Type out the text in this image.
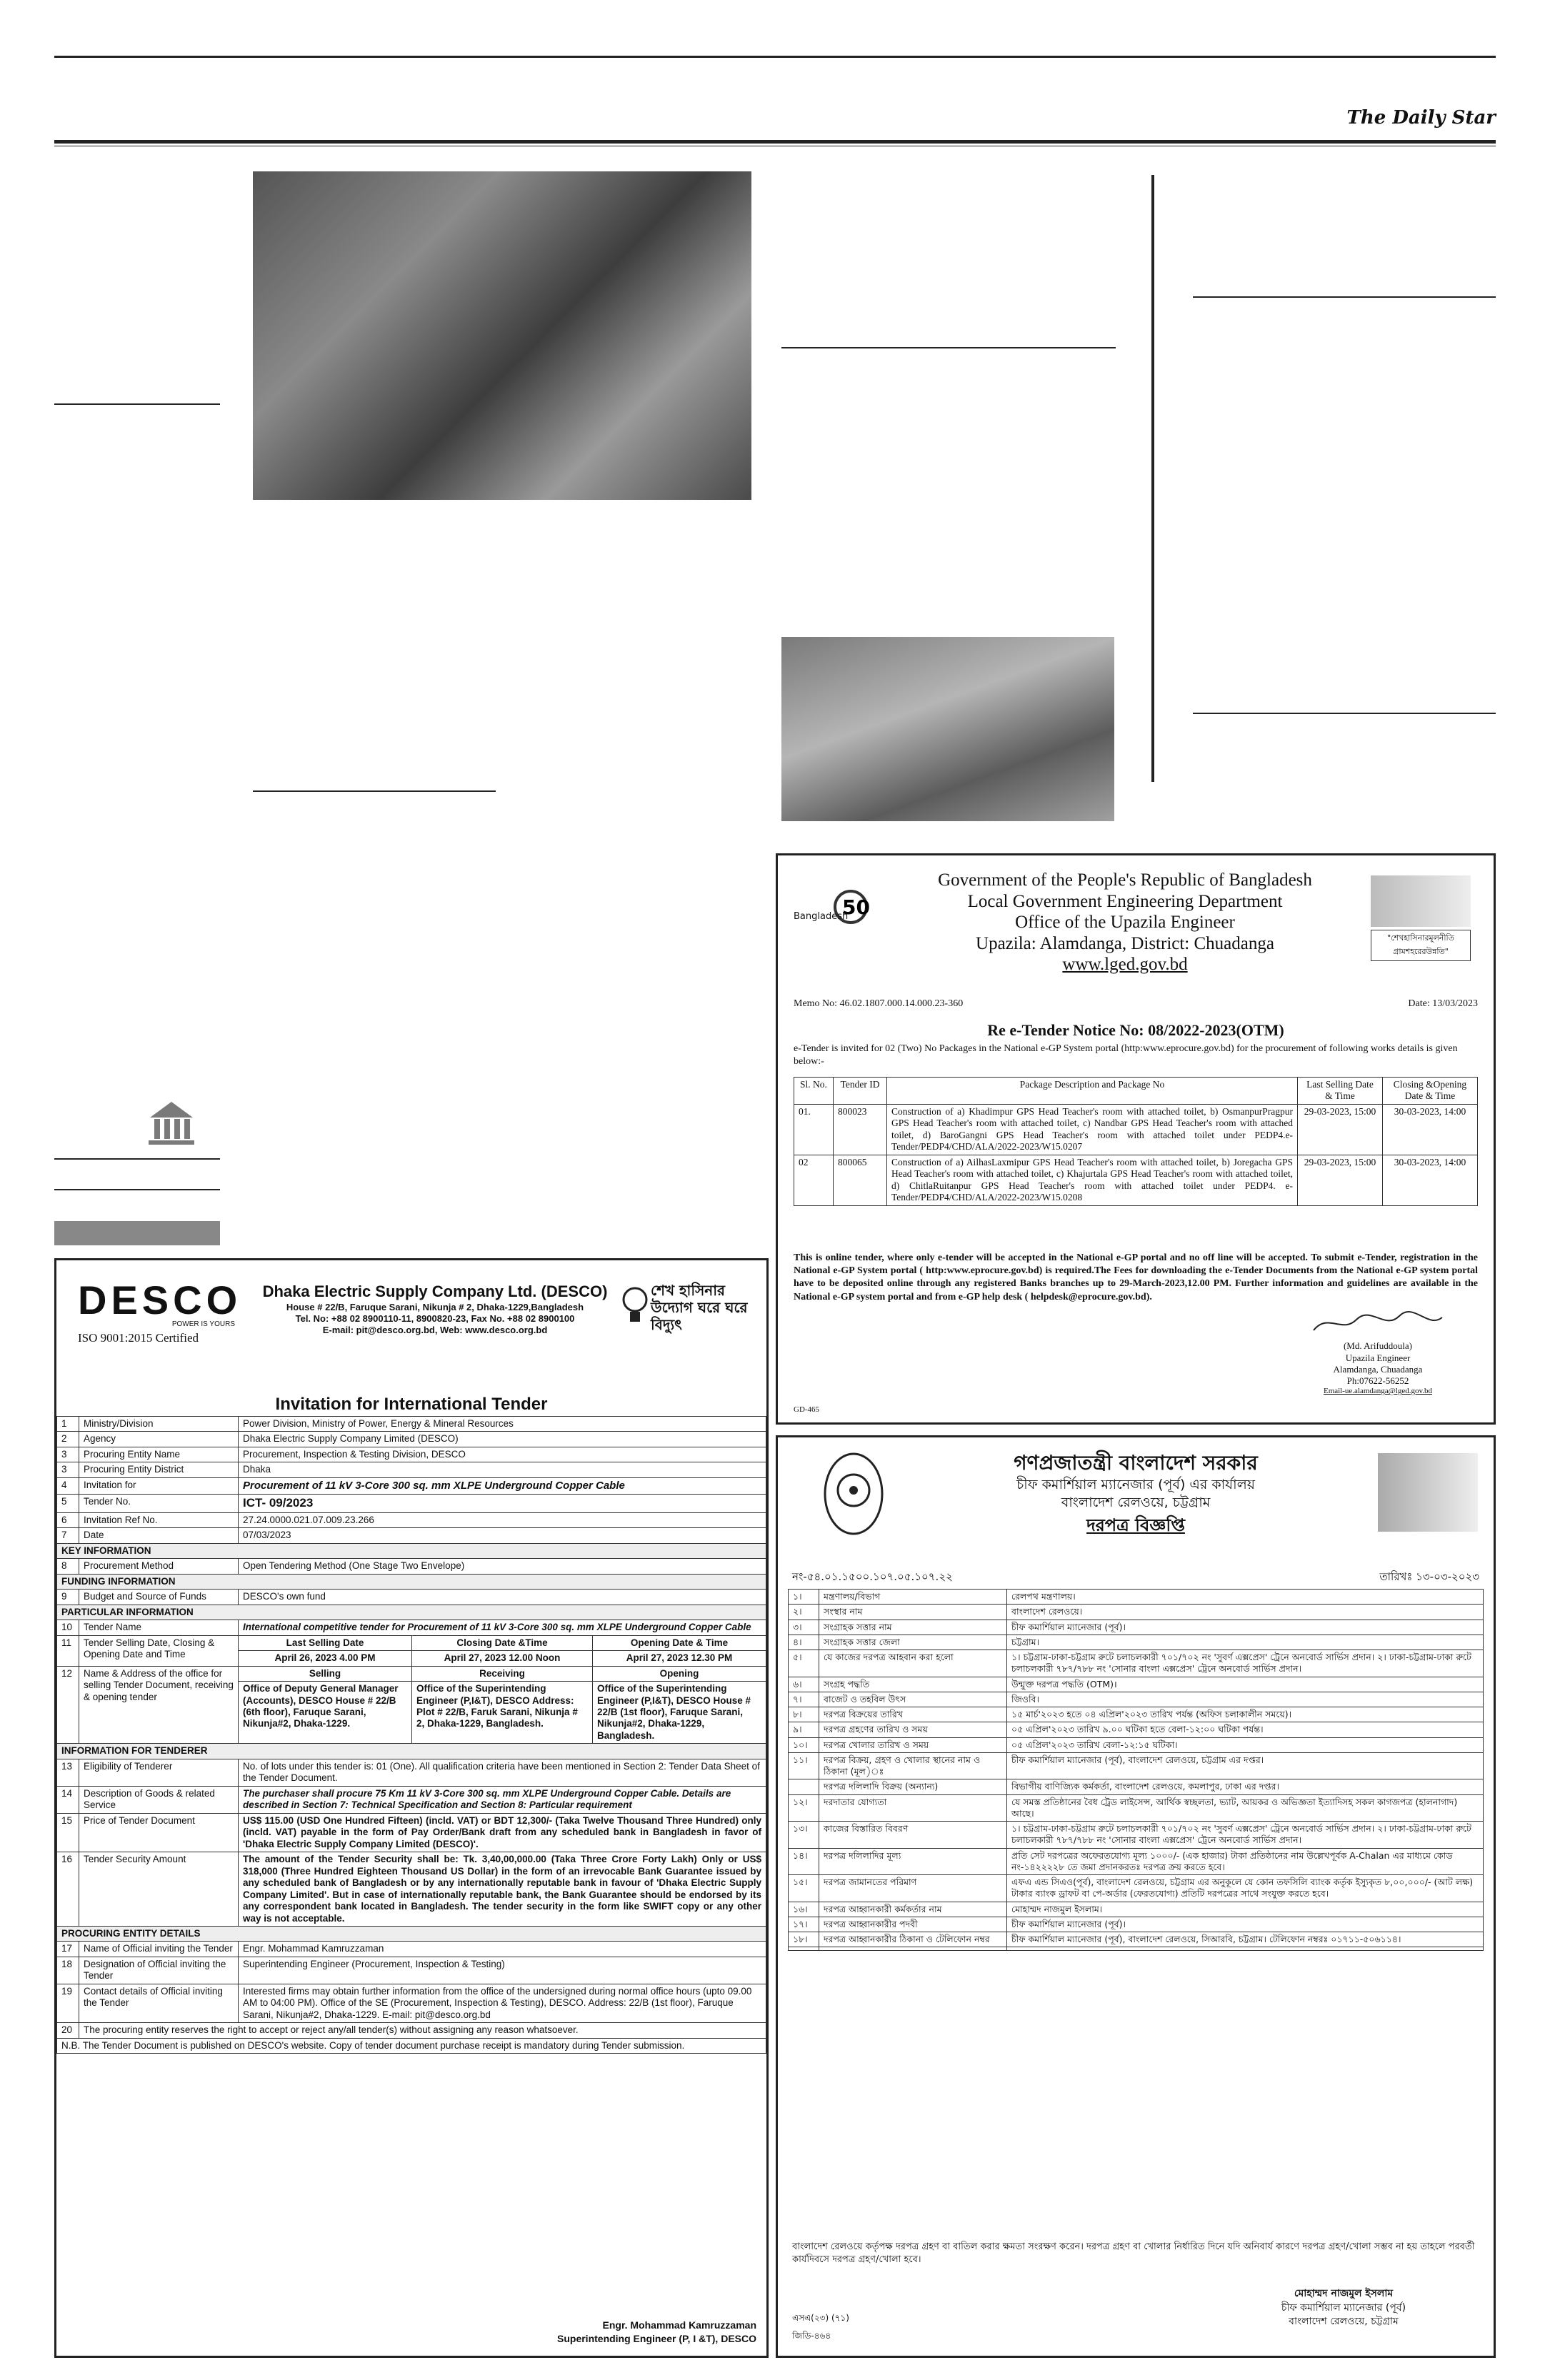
The Daily Star
50
Bangladesh
Government of the People's Republic of Bangladesh
Local Government Engineering Department
Office of the Upazila Engineer
Upazila: Alamdanga, District: Chuadanga
www.lged.gov.bd
"শেখহাসিনারমূলনীতি গ্রামশহরেরউন্নতি"
Memo No: 46.02.1807.000.14.000.23-360	Date: 13/03/2023
Re e-Tender Notice No: 08/2022-2023(OTM)
e-Tender is invited for 02 (Two) No Packages in the National e-GP System portal (http:www.eprocure.gov.bd) for the procurement of following works details is given below:-
Sl. No.	Tender ID	Package Description and Package No	Last Selling Date & Time	Closing &Opening Date & Time
01.	800023	Construction of a) Khadimpur GPS Head Teacher's room with attached toilet, b) OsmanpurPragpur GPS Head Teacher's room with attached toilet, c) Nandbar GPS Head Teacher's room with attached toilet, d) BaroGangni GPS Head Teacher's room with attached toilet under PEDP4.e-Tender/PEDP4/CHD/ALA/2022-2023/W15.0207	29-03-2023, 15:00	30-03-2023, 14:00
02	800065	Construction of a) AilhasLaxmipur GPS Head Teacher's room with attached toilet, b) Joregacha GPS Head Teacher's room with attached toilet, c) Khajurtala GPS Head Teacher's room with attached toilet, d) ChitlaRuitanpur GPS Head Teacher's room with attached toilet under PEDP4. e-Tender/PEDP4/CHD/ALA/2022-2023/W15.0208	29-03-2023, 15:00	30-03-2023, 14:00
This is online tender, where only e-tender will be accepted in the National e-GP portal and no off line will be accepted. To submit e-Tender, registration in the National e-GP System portal ( http:www.eprocure.gov.bd) is required.The Fees for downloading the e-Tender Documents from the National e-GP system portal have to be deposited online through any registered Banks branches up to 29-March-2023,12.00 PM. Further information and guidelines are available in the National e-GP system portal and from e-GP help desk ( helpdesk@eprocure.gov.bd).
(Md. Arifuddoula)
Upazila Engineer
Alamdanga, Chuadanga
Ph:07622-56252
Email-ue.alamdanga@lged.gov.bd
GD-465
DESCO
POWER IS YOURS
ISO 9001:2015 Certified
Dhaka Electric Supply Company Ltd. (DESCO)
House # 22/B, Faruque Sarani, Nikunja # 2, Dhaka-1229,Bangladesh
Tel. No: +88 02 8900110-11, 8900820-23, Fax No. +88 02 8900100
E-mail: pit@desco.org.bd, Web: www.desco.org.bd
শেখ হাসিনার উদ্যোগ ঘরে ঘরে বিদ্যুৎ
Invitation for International Tender
1	Ministry/Division	Power Division, Ministry of Power, Energy & Mineral Resources		
2	Agency	Dhaka Electric Supply Company Limited (DESCO)		
3	Procuring Entity Name	Procurement, Inspection & Testing Division, DESCO		
3	Procuring Entity District	Dhaka		
4	Invitation for	Procurement of 11 kV 3-Core 300 sq. mm XLPE Underground Copper Cable		
5	Tender No.	ICT- 09/2023		
6	Invitation Ref No.	27.24.0000.021.07.009.23.266		
7	Date	07/03/2023		
KEY INFORMATION				
8	Procurement Method	Open Tendering Method (One Stage Two Envelope)		
FUNDING INFORMATION				
9	Budget and Source of Funds	DESCO's own fund		
PARTICULAR INFORMATION				
10	Tender Name	International competitive tender for Procurement of 11 kV 3-Core 300 sq. mm XLPE Underground Copper Cable		
11	Tender Selling Date, Closing & Opening Date and Time	Last Selling Date	Closing Date &Time	Opening Date & Time
		April 26, 2023 4.00 PM	April 27, 2023 12.00 Noon	April 27, 2023 12.30 PM
12	Name & Address of the office for selling Tender Document, receiving & opening tender	Selling	Receiving	Opening
		Office of Deputy General Manager (Accounts), DESCO House # 22/B (6th floor), Faruque Sarani, Nikunja#2, Dhaka-1229.	Office of the Superintending Engineer (P,I&T), DESCO Address: Plot # 22/B, Faruk Sarani, Nikunja # 2, Dhaka-1229, Bangladesh.	Office of the Superintending Engineer (P,I&T), DESCO House # 22/B (1st floor), Faruque Sarani, Nikunja#2, Dhaka-1229, Bangladesh.
INFORMATION FOR TENDERER				
13	Eligibility of Tenderer	No. of lots under this tender is: 01 (One). All qualification criteria have been mentioned in Section 2: Tender Data Sheet of the Tender Document.		
14	Description of Goods & related Service	The purchaser shall procure 75 Km 11 kV 3-Core 300 sq. mm XLPE Underground Copper Cable. Details are described in Section 7: Technical Specification and Section 8: Particular requirement		
15	Price of Tender Document	US$ 115.00 (USD One Hundred Fifteen) (incld. VAT) or BDT 12,300/- (Taka Twelve Thousand Three Hundred) only (incld. VAT) payable in the form of Pay Order/Bank draft from any scheduled bank in Bangladesh in favor of 'Dhaka Electric Supply Company Limited (DESCO)'.		
16	Tender Security Amount	The amount of the Tender Security shall be: Tk. 3,40,00,000.00 (Taka Three Crore Forty Lakh) Only or US$ 318,000 (Three Hundred Eighteen Thousand US Dollar) in the form of an irrevocable Bank Guarantee issued by any scheduled bank of Bangladesh or by any internationally reputable bank in favour of 'Dhaka Electric Supply Company Limited'. But in case of internationally reputable bank, the Bank Guarantee should be endorsed by its any correspondent bank located in Bangladesh. The tender security in the form like SWIFT copy or any other way is not acceptable.		
PROCURING ENTITY DETAILS				
17	Name of Official inviting the Tender	Engr. Mohammad Kamruzzaman		
18	Designation of Official inviting the Tender	Superintending Engineer (Procurement, Inspection & Testing)		
19	Contact details of Official inviting the Tender	Interested firms may obtain further information from the office of the undersigned during normal office hours (upto 09.00 AM to 04:00 PM). Office of the SE (Procurement, Inspection & Testing), DESCO. Address: 22/B (1st floor), Faruque Sarani, Nikunja#2, Dhaka-1229. E-mail: pit@desco.org.bd		
20	The procuring entity reserves the right to accept or reject any/all tender(s) without assigning any reason whatsoever.			
N.B. The Tender Document is published on DESCO's website. Copy of tender document purchase receipt is mandatory during Tender submission.				
Engr. Mohammad Kamruzzaman
Superintending Engineer (P, I &T), DESCO
গণপ্রজাতন্ত্রী বাংলাদেশ সরকার
চীফ কমার্শিয়াল ম্যানেজার (পূর্ব) এর কার্যালয়
বাংলাদেশ রেলওয়ে, চট্টগ্রাম
দরপত্র বিজ্ঞপ্তি
নং-৫৪.০১.১৫০০.১০৭.০৫.১০৭.২২	তারিখঃ ১৩-০৩-২০২৩
১।	মন্ত্রণালয়/বিভাগ	রেলপথ মন্ত্রণালয়।
২।	সংস্থার নাম	বাংলাদেশ রেলওয়ে।
৩।	সংগ্রাহক সত্তার নাম	চীফ কমার্শিয়াল ম্যানেজার (পূর্ব)।
৪।	সংগ্রাহক সত্তার জেলা	চট্টগ্রাম।
৫।	যে কাজের দরপত্র আহবান করা হলো	১। চট্টগ্রাম-ঢাকা-চট্টগ্রাম রুটে চলাচলকারী ৭০১/৭০২ নং 'সুবর্ণ এক্সপ্রেস' ট্রেনে অনবোর্ড সার্ভিস প্রদান। ২। ঢাকা-চট্টগ্রাম-ঢাকা রুটে চলাচলকারী ৭৮৭/৭৮৮ নং 'সোনার বাংলা এক্সপ্রেস' ট্রেনে অনবোর্ড সার্ভিস প্রদান।
৬।	সংগ্রহ পদ্ধতি	উন্মুক্ত দরপত্র পদ্ধতি (OTM)।
৭।	বাজেট ও তহবিল উৎস	জিওবি।
৮।	দরপত্র বিক্রয়ের তারিখ	১৫ মার্চ'২০২৩ হতে ০৪ এপ্রিল'২০২৩ তারিখ পর্যন্ত (অফিস চলাকালীন সময়ে)।
৯।	দরপত্র গ্রহণের তারিখ ও সময়	০৫ এপ্রিল'২০২৩ তারিখ ৯.০০ ঘটিকা হতে বেলা-১২:০০ ঘটিকা পর্যন্ত।
১০।	দরপত্র খোলার তারিখ ও সময়	০৫ এপ্রিল'২০২৩ তারিখ বেলা-১২:১৫ ঘটিকা।
১১।	দরপত্র বিক্রয়, গ্রহণ ও খোলার স্থানের নাম ও ঠিকানা (মূল)ঃ	চীফ কমার্শিয়াল ম্যানেজার (পূর্ব), বাংলাদেশ রেলওয়ে, চট্টগ্রাম এর দপ্তর।
	দরপত্র দলিলাদি বিক্রয় (অন্যান্য)	বিভাগীয় বাণিজ্যিক কর্মকর্তা, বাংলাদেশ রেলওয়ে, কমলাপুর, ঢাকা এর দপ্তর।
১২।	দরদাতার যোগ্যতা	যে সমস্ত প্রতিষ্ঠানের বৈধ ট্রেড লাইসেন্স, আর্থিক স্বচ্ছলতা, ভ্যাট, আয়কর ও অভিজ্ঞতা ইত্যাদিসহ সকল কাগজপত্র (হালনাগাদ) আছে।
১৩।	কাজের বিস্তারিত বিবরণ	১। চট্টগ্রাম-ঢাকা-চট্টগ্রাম রুটে চলাচলকারী ৭০১/৭০২ নং 'সুবর্ণ এক্সপ্রেস' ট্রেনে অনবোর্ড সার্ভিস প্রদান। ২। ঢাকা-চট্টগ্রাম-ঢাকা রুটে চলাচলকারী ৭৮৭/৭৮৮ নং 'সোনার বাংলা এক্সপ্রেস' ট্রেনে অনবোর্ড সার্ভিস প্রদান।
১৪।	দরপত্র দলিলাদির মূল্য	প্রতি সেট দরপত্রের অফেরতযোগ্য মূল্য ১০০০/- (এক হাজার) টাকা প্রতিষ্ঠানের নাম উল্লেখপূর্বক A-Chalan এর মাধ্যমে কোড নং-১৪২২২২৮ তে জমা প্রদানকরতঃ দরপত্র ক্রয় করতে হবে।
১৫।	দরপত্র জামানতের পরিমাণ	এফএ এন্ড সিএও(পূর্ব), বাংলাদেশ রেলওয়ে, চট্টগ্রাম এর অনুকূলে যে কোন তফসিলি ব্যাংক কর্তৃক ইস্যুকৃত ৮,০০,০০০/- (আট লক্ষ) টাকার ব্যাংক ড্রাফট বা পে-অর্ডার (ফেরতযোগ্য) প্রতিটি দরপত্রের সাথে সংযুক্ত করতে হবে।
১৬।	দরপত্র আহ্বানকারী কর্মকর্তার নাম	মোহাম্মদ নাজমুল ইসলাম।
১৭।	দরপত্র আহ্বানকারীর পদবী	চীফ কমার্শিয়াল ম্যানেজার (পূর্ব)।
১৮।	দরপত্র আহ্বানকারীর ঠিকানা ও টেলিফোন নম্বর	চীফ কমার্শিয়াল ম্যানেজার (পূর্ব), বাংলাদেশ রেলওয়ে, সিআরবি, চট্টগ্রাম। টেলিফোন নম্বরঃ ০১৭১১-৫০৬১১৪।

বাংলাদেশ রেলওয়ে কর্তৃপক্ষ দরপত্র গ্রহণ বা বাতিল করার ক্ষমতা সংরক্ষণ করেন। দরপত্র গ্রহণ বা খোলার নির্ধারিত দিনে যদি অনিবার্য কারণে দরপত্র গ্রহণ/খোলা সম্ভব না হয় তাহলে পরবর্তী কার্যদিবসে দরপত্র গ্রহণ/খোলা হবে।
মোহাম্মদ নাজমুল ইসলাম
চীফ কমার্শিয়াল ম্যানেজার (পূর্ব)
বাংলাদেশ রেলওয়ে, চট্টগ্রাম
এসএ(২৩) (৭১)
জিডি-৪৬৪
